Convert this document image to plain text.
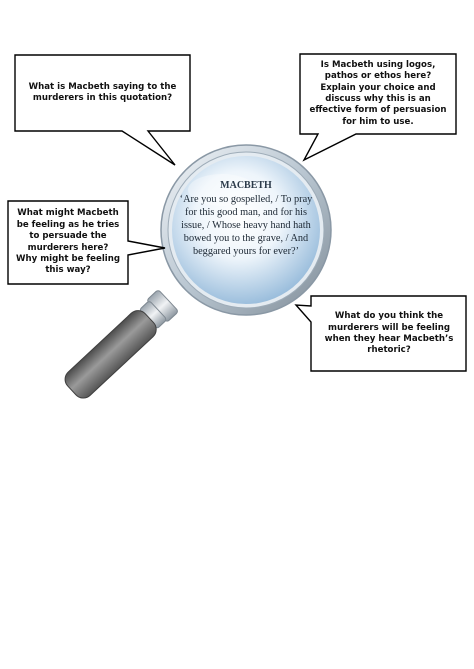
What is Macbeth saying to the murderers in this quotation?
Is Macbeth using logos, pathos or ethos here? Explain your choice and discuss why this is an effective form of persuasion for him to use.
What might Macbeth be feeling as he tries to persuade the murderers here? Why might be feeling this way?
What do you think the murderers will be feeling when they hear Macbeth’s rhetoric?
MACBETH
‘Are you so gospelled, / To pray for this good man, and for his issue, / Whose heavy hand hath bowed you to the grave, / And beggared yours for ever?’
